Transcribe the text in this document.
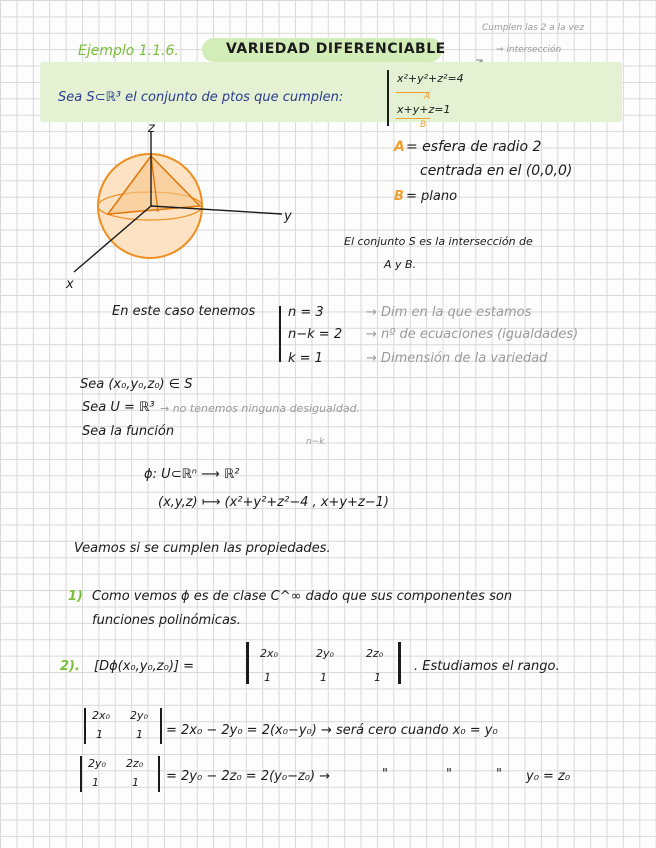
Ejemplo 1.1.6.	VARIEDAD DIFERENCIABLE
Cumplen las 2 a la vez
⇒ intersección
Sea S⊂ℝ³ el conjunto de ptos que cumplen:
x²+y²+z²=4
A
x+y+z=1
B
z
y
x
A = esfera de radio 2
centrada en el (0,0,0)
B = plano
El conjunto S es la intersección de
A y B.
En este caso tenemos	n = 3	→ Dim en la que estamos
n−k = 2 → nº de ecuaciones (igualdades)
k = 1	→ Dimensión de la variedad
Sea (x₀,y₀,z₀) ∈ S
Sea U = ℝ³ → no tenemos ninguna desigualdad.
Sea la función
n−k
ϕ: U⊂ℝⁿ ⟶ ℝ²
(x,y,z) ⟼ (x²+y²+z²−4 , x+y+z−1)
Veamos si se cumplen las propiedades.
1) Como vemos ϕ es de clase C^∞ dado que sus componentes son
funciones polinómicas.
2). [Dϕ(x₀,y₀,z₀)] =
2x₀	2y₀	2z₀
1	1	1
. Estudiamos el rango.
2x₀ 2y₀
1	1 = 2x₀ − 2y₀ = 2(x₀−y₀) → será cero cuando x₀ = y₀
2y₀ 2z₀
1	1 = 2y₀ − 2z₀ = 2(y₀−z₀) →	"	"	" y₀ = z₀
